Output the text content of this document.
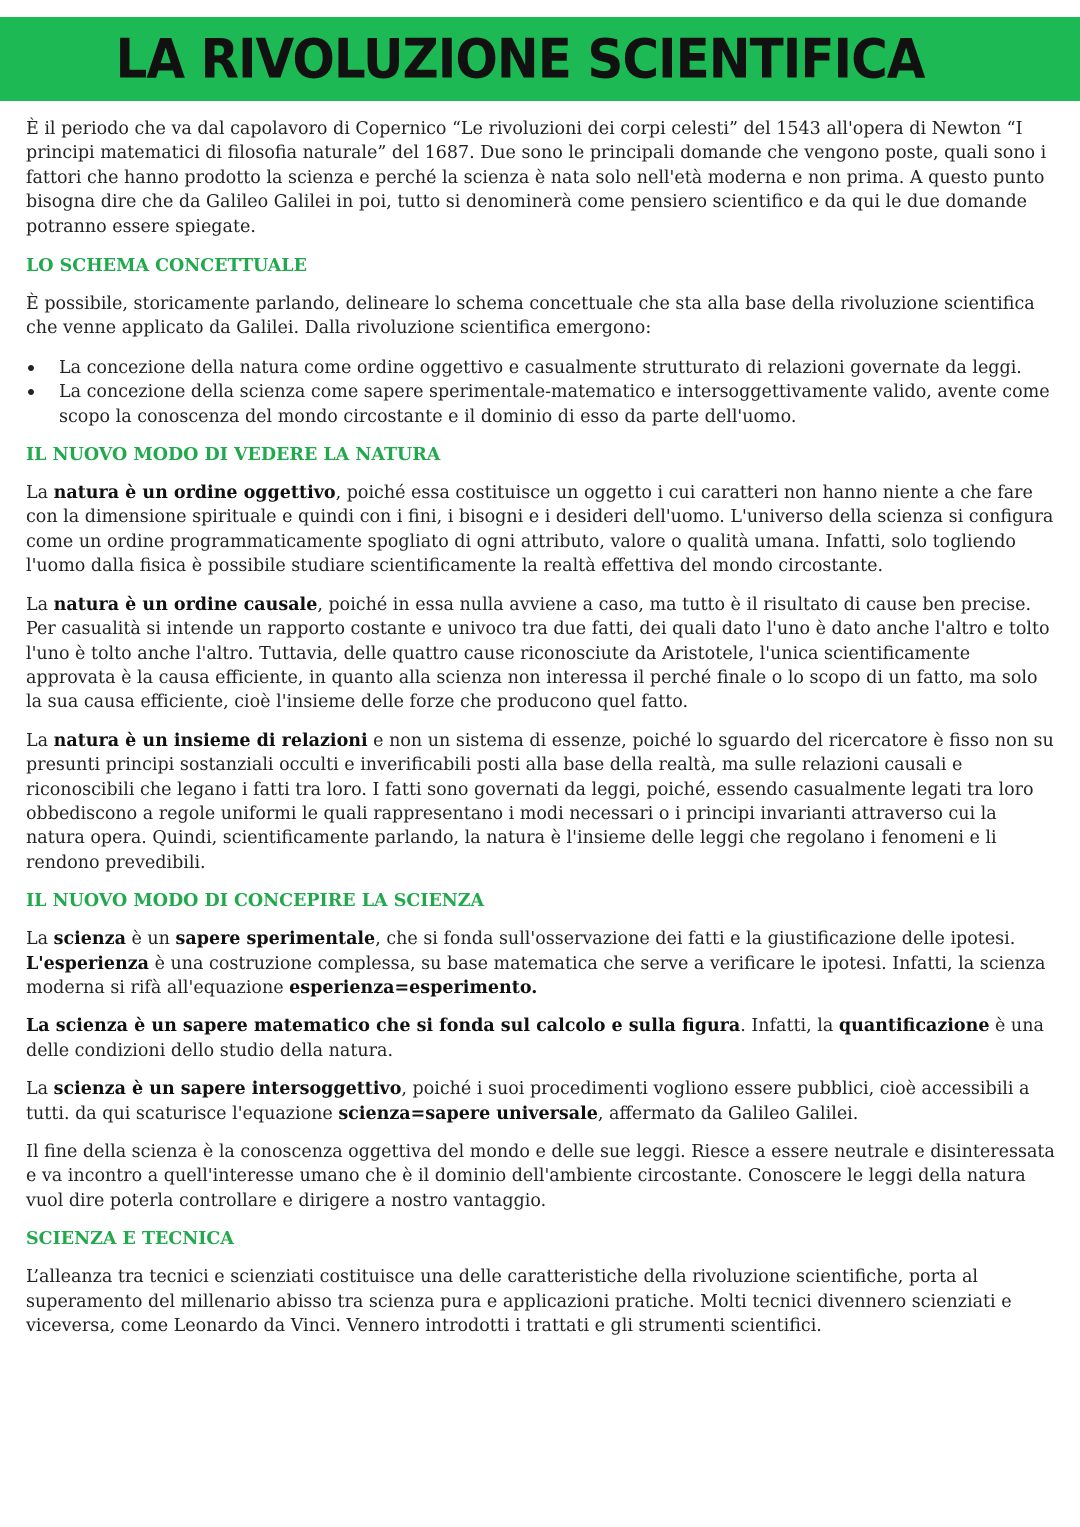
LA RIVOLUZIONE SCIENTIFICA

È il periodo che va dal capolavoro di Copernico “Le rivoluzioni dei corpi celesti” del 1543 all'opera di Newton “I principi matematici di filosofia naturale” del 1687. Due sono le principali domande che vengono poste, quali sono i fattori che hanno prodotto la scienza e perché la scienza è nata solo nell'età moderna e non prima. A questo punto bisogna dire che da Galileo Galilei in poi, tutto si denominerà come pensiero scientifico e da qui le due domande potranno essere spiegate.

LO SCHEMA CONCETTUALE

È possibile, storicamente parlando, delineare lo schema concettuale che sta alla base della rivoluzione scientifica che venne applicato da Galilei. Dalla rivoluzione scientifica emergono:

La concezione della natura come ordine oggettivo e casualmente strutturato di relazioni governate da leggi.
La concezione della scienza come sapere sperimentale-matematico e intersoggettivamente valido, avente come scopo la conoscenza del mondo circostante e il dominio di esso da parte dell'uomo.
IL NUOVO MODO DI VEDERE LA NATURA

La natura è un ordine oggettivo, poiché essa costituisce un oggetto i cui caratteri non hanno niente a che fare con la dimensione spirituale e quindi con i fini, i bisogni e i desideri dell'uomo. L'universo della scienza si configura come un ordine programmaticamente spogliato di ogni attributo, valore o qualità umana. Infatti, solo togliendo l'uomo dalla fisica è possibile studiare scientificamente la realtà effettiva del mondo circostante.

La natura è un ordine causale, poiché in essa nulla avviene a caso, ma tutto è il risultato di cause ben precise. Per casualità si intende un rapporto costante e univoco tra due fatti, dei quali dato l'uno è dato anche l'altro e tolto l'uno è tolto anche l'altro. Tuttavia, delle quattro cause riconosciute da Aristotele, l'unica scientificamente approvata è la causa efficiente, in quanto alla scienza non interessa il perché finale o lo scopo di un fatto, ma solo la sua causa efficiente, cioè l'insieme delle forze che producono quel fatto.

La natura è un insieme di relazioni e non un sistema di essenze, poiché lo sguardo del ricercatore è fisso non su presunti principi sostanziali occulti e inverificabili posti alla base della realtà, ma sulle relazioni causali e riconoscibili che legano i fatti tra loro. I fatti sono governati da leggi, poiché, essendo casualmente legati tra loro obbediscono a regole uniformi le quali rappresentano i modi necessari o i principi invarianti attraverso cui la natura opera. Quindi, scientificamente parlando, la natura è l'insieme delle leggi che regolano i fenomeni e li rendono prevedibili.

IL NUOVO MODO DI CONCEPIRE LA SCIENZA

La scienza è un sapere sperimentale, che si fonda sull'osservazione dei fatti e la giustificazione delle ipotesi. L'esperienza è una costruzione complessa, su base matematica che serve a verificare le ipotesi. Infatti, la scienza moderna si rifà all'equazione esperienza=esperimento.

La scienza è un sapere matematico che si fonda sul calcolo e sulla figura. Infatti, la quantificazione è una delle condizioni dello studio della natura.

La scienza è un sapere intersoggettivo, poiché i suoi procedimenti vogliono essere pubblici, cioè accessibili a tutti. da qui scaturisce l'equazione scienza=sapere universale, affermato da Galileo Galilei.

Il fine della scienza è la conoscenza oggettiva del mondo e delle sue leggi. Riesce a essere neutrale e disinteressata e va incontro a quell'interesse umano che è il dominio dell'ambiente circostante. Conoscere le leggi della natura vuol dire poterla controllare e dirigere a nostro vantaggio.

SCIENZA E TECNICA

L’alleanza tra tecnici e scienziati costituisce una delle caratteristiche della rivoluzione scientifiche, porta al superamento del millenario abisso tra scienza pura e applicazioni pratiche. Molti tecnici divennero scienziati e viceversa, come Leonardo da Vinci. Vennero introdotti i trattati e gli strumenti scientifici.
